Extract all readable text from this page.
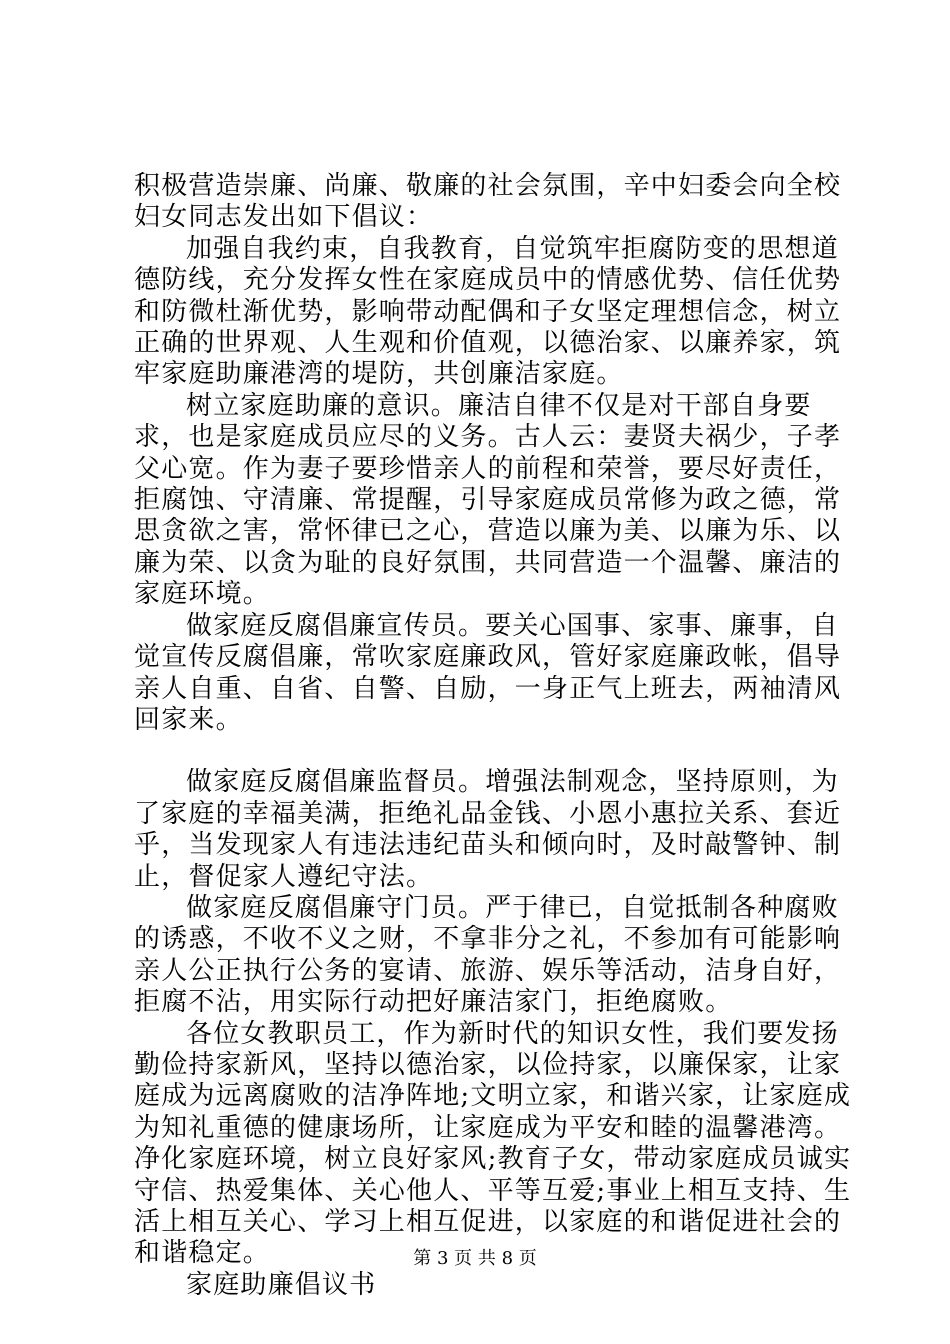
积极营造崇廉、尚廉、敬廉的社会氛围，辛中妇委会向全校妇女同志发出如下倡议：

加强自我约束，自我教育，自觉筑牢拒腐防变的思想道德防线，充分发挥女性在家庭成员中的情感优势、信任优势和防微杜渐优势，影响带动配偶和子女坚定理想信念，树立正确的世界观、人生观和价值观，以德治家、以廉养家，筑牢家庭助廉港湾的堤防，共创廉洁家庭。

树立家庭助廉的意识。廉洁自律不仅是对干部自身要求，也是家庭成员应尽的义务。古人云：妻贤夫祸少，子孝父心宽。作为妻子要珍惜亲人的前程和荣誉，要尽好责任，拒腐蚀、守清廉、常提醒，引导家庭成员常修为政之德，常思贪欲之害，常怀律已之心，营造以廉为美、以廉为乐、以廉为荣、以贪为耻的良好氛围，共同营造一个温馨、廉洁的家庭环境。

做家庭反腐倡廉宣传员。要关心国事、家事、廉事，自觉宣传反腐倡廉，常吹家庭廉政风，管好家庭廉政帐，倡导亲人自重、自省、自警、自励，一身正气上班去，两袖清风回家来。

做家庭反腐倡廉监督员。增强法制观念，坚持原则，为了家庭的幸福美满，拒绝礼品金钱、小恩小惠拉关系、套近乎，当发现家人有违法违纪苗头和倾向时，及时敲警钟、制止，督促家人遵纪守法。

做家庭反腐倡廉守门员。严于律已，自觉抵制各种腐败的诱惑，不收不义之财，不拿非分之礼，不参加有可能影响亲人公正执行公务的宴请、旅游、娱乐等活动，洁身自好，拒腐不沾，用实际行动把好廉洁家门，拒绝腐败。

各位女教职员工，作为新时代的知识女性，我们要发扬勤俭持家新风，坚持以德治家，以俭持家，以廉保家，让家庭成为远离腐败的洁净阵地;文明立家，和谐兴家，让家庭成为知礼重德的健康场所，让家庭成为平安和睦的温馨港湾。净化家庭环境，树立良好家风;教育子女，带动家庭成员诚实守信、热爱集体、关心他人、平等互爱;事业上相互支持、生活上相互关心、学习上相互促进，以家庭的和谐促进社会的和谐稳定。

家庭助廉倡议书

第 3 页 共 8 页
